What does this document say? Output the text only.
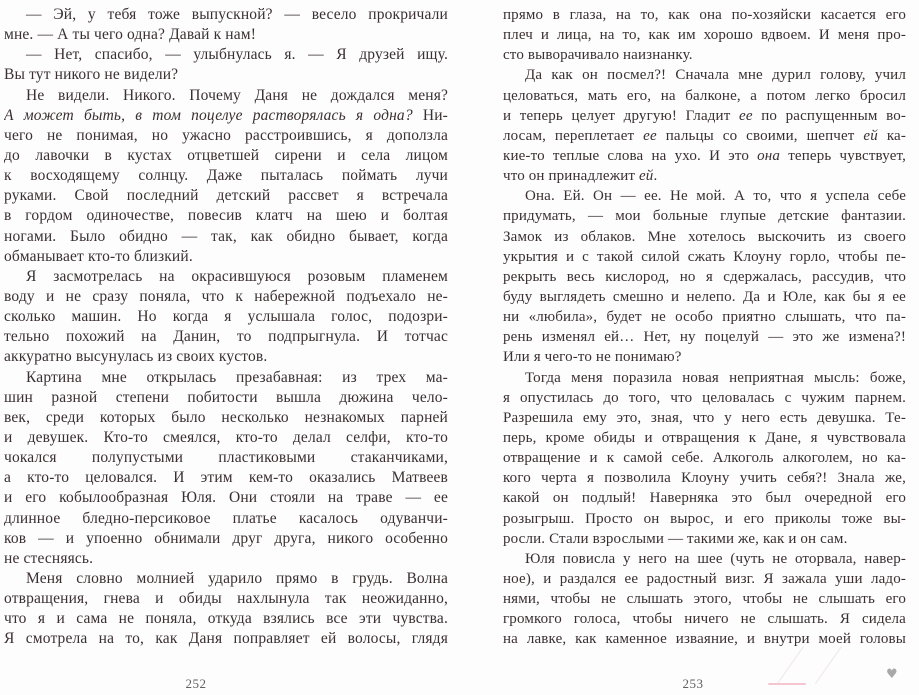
— Эй, у тебя тоже выпускной? — весело прокричали
мне. — А ты чего одна? Давай к нам!
— Нет, спасибо, — улыбнулась я. — Я друзей ищу.
Вы тут никого не видели?
Не видели. Никого. Почему Даня не дождался меня?
А может быть, в том поцелуе растворялась я одна? Ни-
чего не понимая, но ужасно расстроившись, я доползла
до лавочки в кустах отцветшей сирени и села лицом
к восходящему солнцу. Даже пыталась поймать лучи
руками. Свой последний детский рассвет я встречала
в гордом одиночестве, повесив клатч на шею и болтая
ногами. Было обидно — так, как обидно бывает, когда
обманывает кто-то близкий.
Я засмотрелась на окрасившуюся розовым пламенем
воду и не сразу поняла, что к набережной подъехало не-
сколько машин. Но когда я услышала голос, подозри-
тельно похожий на Данин, то подпрыгнула. И тотчас
аккуратно высунулась из своих кустов.
Картина мне открылась презабавная: из трех ма-
шин разной степени побитости вышла дюжина чело-
век, среди которых было несколько незнакомых парней
и девушек. Кто-то смеялся, кто-то делал селфи, кто-то
чокался полупустыми пластиковыми стаканчиками,
а кто-то целовался. И этим кем-то оказались Матвеев
и его кобылообразная Юля. Они стояли на траве — ее
длинное бледно-персиковое платье касалось одуванчи-
ков — и упоенно обнимали друг друга, никого особенно
не стесняясь.
Меня словно молнией ударило прямо в грудь. Волна
отвращения, гнева и обиды нахлынула так неожиданно,
что я и сама не поняла, откуда взялись все эти чувства.
Я смотрела на то, как Даня поправляет ей волосы, глядя
прямо в глаза, на то, как она по-хозяйски касается его
плеч и лица, на то, как им хорошо вдвоем. И меня про-
сто выворачивало наизнанку.
Да как он посмел?! Сначала мне дурил голову, учил
целоваться, мать его, на балконе, а потом легко бросил
и теперь целует другую! Гладит ее по распущенным во-
лосам, переплетает ее пальцы со своими, шепчет ей ка-
кие-то теплые слова на ухо. И это она теперь чувствует,
что он принадлежит ей.
Она. Ей. Он — ее. Не мой. А то, что я успела себе
придумать, — мои больные глупые детские фантазии.
Замок из облаков. Мне хотелось выскочить из своего
укрытия и с такой силой сжать Клоуну горло, чтобы пе-
рекрыть весь кислород, но я сдержалась, рассудив, что
буду выглядеть смешно и нелепо. Да и Юле, как бы я ее
ни «любила», будет не особо приятно слышать, что па-
рень изменял ей… Нет, ну поцелуй — это же измена?!
Или я чего-то не понимаю?
Тогда меня поразила новая неприятная мысль: боже,
я опустилась до того, что целовалась с чужим парнем.
Разрешила ему это, зная, что у него есть девушка. Те-
перь, кроме обиды и отвращения к Дане, я чувствовала
отвращение и к самой себе. Алкоголь алкоголем, но ка-
кого черта я позволила Клоуну учить себя?! Знала же,
какой он подлый! Наверняка это был очередной его
розыгрыш. Просто он вырос, и его приколы тоже вы-
росли. Стали взрослыми — такими же, как и он сам.
Юля повисла у него на шее (чуть не оторвала, навер-
ное), и раздался ее радостный визг. Я зажала уши ладо-
нями, чтобы не слышать этого, чтобы не слышать его
громкого голоса, чтобы ничего не слышать. Я сидела
на лавке, как каменное изваяние, и внутри моей головы
252	253
♥
